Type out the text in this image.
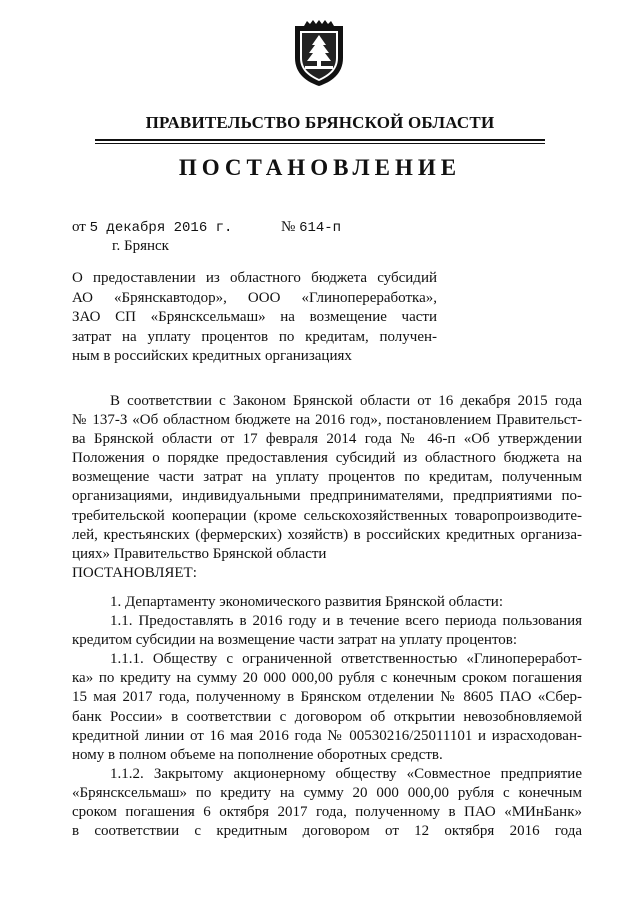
ПРАВИТЕЛЬСТВО БРЯНСКОЙ ОБЛАСТИ
ПОСТАНОВЛЕНИЕ
от 5 декабря 2016 г.	№ 614-п
г. Брянск
О предоставлении из областного бюджета субсидий
АО «Брянскавтодор», ООО «Глинопереработка»,
ЗАО СП «Брянсксельмаш» на возмещение части
затрат на уплату процентов по кредитам, получен-
ным в российских кредитных организациях
В соответствии с Законом Брянской области от 16 декабря 2015 года
№ 137-З «Об областном бюджете на 2016 год», постановлением Правительст-
ва Брянской области от 17 февраля 2014 года № 46-п «Об утверждении
Положения о порядке предоставления субсидий из областного бюджета на
возмещение части затрат на уплату процентов по кредитам, полученным
организациями, индивидуальными предпринимателями, предприятиями по-
требительской кооперации (кроме сельскохозяйственных товаропроизводите-
лей, крестьянских (фермерских) хозяйств) в российских кредитных организа-
циях» Правительство Брянской области
ПОСТАНОВЛЯЕТ:
1. Департаменту экономического развития Брянской области:
1.1. Предоставлять в 2016 году и в течение всего периода пользования
кредитом субсидии на возмещение части затрат на уплату процентов:
1.1.1. Обществу с ограниченной ответственностью «Глинопереработ-
ка» по кредиту на сумму 20 000 000,00 рубля с конечным сроком погашения
15 мая 2017 года, полученному в Брянском отделении № 8605 ПАО «Сбер-
банк России» в соответствии с договором об открытии невозобновляемой
кредитной линии от 16 мая 2016 года № 00530216/25011101 и израсходован-
ному в полном объеме на пополнение оборотных средств.
1.1.2. Закрытому акционерному обществу «Совместное предприятие
«Брянсксельмаш» по кредиту на сумму 20 000 000,00 рубля с конечным
сроком погашения 6 октября 2017 года, полученному в ПАО «МИнБанк»
в соответствии с кредитным договором от 12 октября 2016 года
